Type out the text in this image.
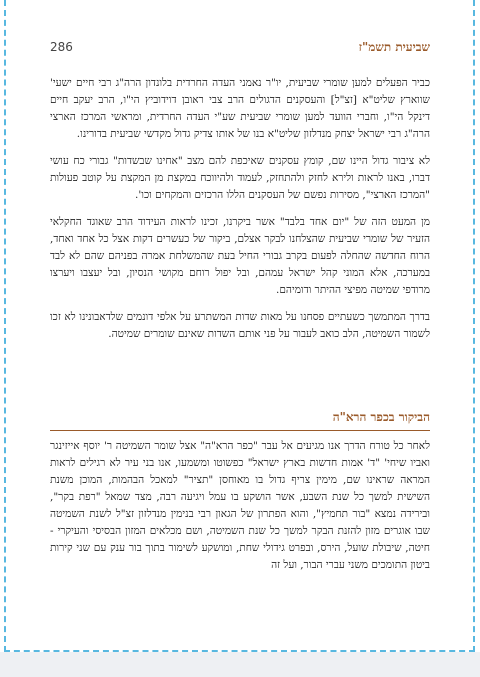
286	שביעית תשמ"ז

כביר הפעלים למען שומרי שביעית, יו"ר נאמני העדה החרדית בלונדון הרה"ג רבי חיים ישעי' שווארץ שליט"א [זצ"ל] והעסקנים הדגולים הרב צבי ראובן דוידוביץ הי"ו, הרב יעקב חיים דינקל הי"ו, וחברי הוועד למען שומרי שביעית שע"י העדה החרדית, ומראשי המרכז הארצי הרה"ג רבי ישראל יצחק מנדלזון שליט"א בנו של אותו צדיק גדול מקדשי שביעית בדורינו.

לא ציבור גדול היינו שם, קומץ עסקנים שאיכפת להם מצב "אחינו שבשדות" גבורי כח עושי דברו, באנו לראות ולירא לחזק ולהתחזק, לעמוד ולהיווכח במקצת מן המקצת על קוטב פעולות "המרכז הארצי", מסירות נפשם של העסקנים הללו הרכזים והמקחים וכו'.

מן המעט הזה של "יום אחד בלבד" אשר ביקרנו, זכינו לראות העידוד הרב שאוגד החקלאי הזעיר של שומרי שביעית שהצלחנו לבקר אצלם, ביקור של כעשרים דקות אצל כל אחד ואחד, הרוח החדשה שהחלה לפעום בקרב גבורי החיל בעת שהמשלחת אמרה בפניהם שהם לא לבד במערכה, אלא המוני קהל ישראל עמהם, ובל יפול רוחם מקושי הנסיון, ובל יעצבו ויערצו מרודפי שמיטה מפיצי ההיתר ודומיהם.

בדרך המתמשך כשעתיים פסחנו על מאות שדות המשתרע על אלפי דונמים שלדאבונינו לא זכו לשמור השמיטה, הלב כואב לעבור על פני אותם השדות שאינם שומרים שמיטה.

הביקור בכפר הרא"ה

לאחר כל טורח הדרך אנו מגיעים אל עבר "כפר הרא"ה" אצל שומר השמיטה ר' יוסף אייזינגר ואביו שיחי' "ד' אמות חדשות בארץ ישראל" כפשוטו ומשמעו, אנו בני עיר לא רגילים לראות המראה שראינו שם, מימין צריף גדול בו מאוחסן "תציר" למאכל הבהמות, המוכן משנת השישית למשך כל שנת השבע, אשר הושקע בו עמל ויגיעה רבה, מצד שמאל "רפת בקר", ובירידה נמצא "בור תחמיץ", והוא הפתרון של הגאון רבי בנימין מנדלזון זצ"ל לשנת השמיטה שבו אוגרים מזון להזנת הבקר למשך כל שנת השמיטה, ושם מכלאים המזון הבסיסי והעיקרי - חיטה, שיבולת שועל, הירס, ובפרט גידולי שחת, ומושקע לשימור בתוך בור ענק עם שני קירות ביטון התומכים משני עברי הבור, ועל זה
